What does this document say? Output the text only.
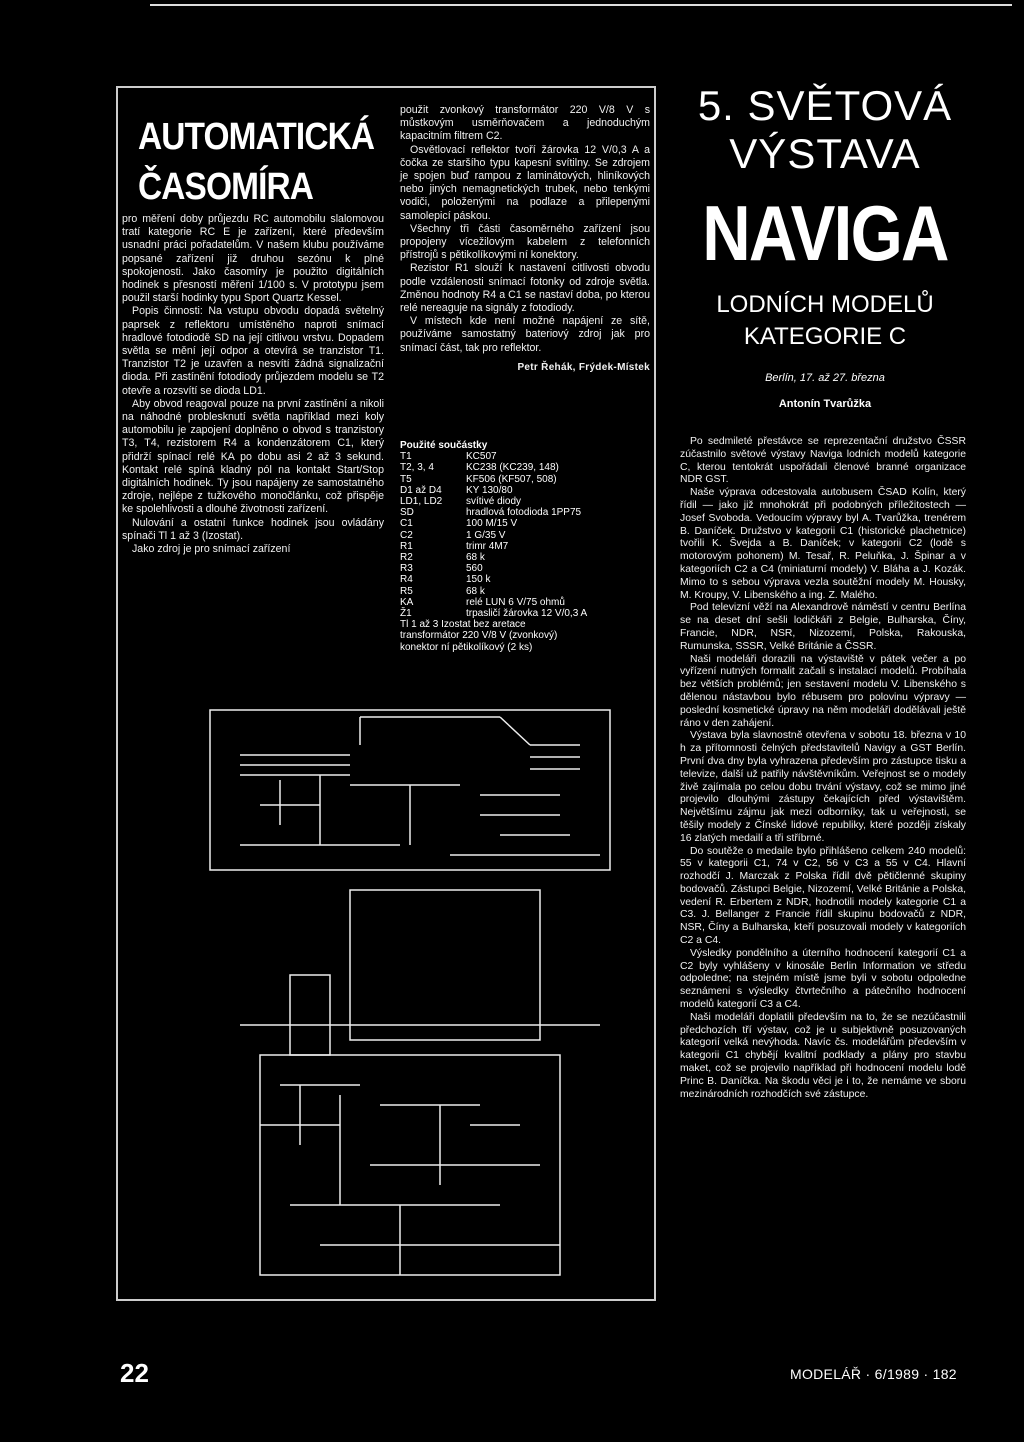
AUTOMATICKÁ
ČASOMÍRA

pro měření doby průjezdu RC automobilu slalomovou tratí kategorie RC E je zařízení, které především usnadní práci pořadatelům. V našem klubu používáme popsané zařízení již druhou sezónu k plné spokojenosti. Jako časomíry je použito digitálních hodinek s přesností měření 1/100 s. V prototypu jsem použil starší hodinky typu Sport Quartz Kessel.

Popis činnosti: Na vstupu obvodu dopadá světelný paprsek z reflektoru umístěného naproti snímací hradlové fotodiodě SD na její citlivou vrstvu. Dopadem světla se mění její odpor a otevírá se tranzistor T1. Tranzistor T2 je uzavřen a nesvítí žádná signalizační dioda. Při zastínění fotodiody průjezdem modelu se T2 otevře a rozsvítí se dioda LD1.

Aby obvod reagoval pouze na první zastínění a nikoli na náhodné problesknutí světla například mezi koly automobilu je zapojení doplněno o obvod s tranzistory T3, T4, rezistorem R4 a kondenzátorem C1, který přidrží spínací relé KA po dobu asi 2 až 3 sekund. Kontakt relé spíná kladný pól na kontakt Start/Stop digitálních hodinek. Ty jsou napájeny ze samostatného zdroje, nejlépe z tužkového monočlánku, což přispěje ke spolehlivosti a dlouhé životnosti zařízení.

Nulování a ostatní funkce hodinek jsou ovládány spínači Tl 1 až 3 (Izostat).

Jako zdroj je pro snímací zařízení

použit zvonkový transformátor 220 V/8 V s můstkovým usměrňovačem a jednoduchým kapacitním filtrem C2.

Osvětlovací reflektor tvoří žárovka 12 V/0,3 A a čočka ze staršího typu kapesní svítilny. Se zdrojem je spojen buď rampou z laminátových, hliníkových nebo jiných nemagnetických trubek, nebo tenkými vodiči, položenými na podlaze a přilepenými samolepicí páskou.

Všechny tři části časoměrného zařízení jsou propojeny vícežilovým kabelem z telefonních přístrojů s pětikolíkovými ní konektory.

Rezistor R1 slouží k nastavení citlivosti obvodu podle vzdálenosti snímací fotonky od zdroje světla. Změnou hodnoty R4 a C1 se nastaví doba, po kterou relé nereaguje na signály z fotodiody.

V místech kde není možné napájení ze sítě, používáme samostatný bateriový zdroj jak pro snímací část, tak pro reflektor.

Petr Řehák, Frýdek-Místek
Použité součástky
T1	KC507
T2, 3, 4	KC238 (KC239, 148)
T5	KF506 (KF507, 508)
D1 až D4	KY 130/80
LD1, LD2	svítivé diody
SD	hradlová fotodioda 1PP75
C1	100 M/15 V
C2	1 G/35 V
R1	trimr 4M7
R2	68 k
R3	560
R4	150 k
R5	68 k
KA	relé LUN 6 V/75 ohmů
Ž1	trpasličí žárovka 12 V/0,3 A
Tl 1 až 3 Izostat bez aretace
transformátor 220 V/8 V (zvonkový)
konektor ní pětikolíkový (2 ks)
5. SVĚTOVÁ
VÝSTAVA
NAVIGA
LODNÍCH MODELŮ
KATEGORIE C
Berlín, 17. až 27. března
Antonín Tvarůžka

Po sedmileté přestávce se reprezentační družstvo ČSSR zúčastnilo světové výstavy Naviga lodních modelů kategorie C, kterou tentokrát uspořádali členové branné organizace NDR GST.

Naše výprava odcestovala autobusem ČSAD Kolín, který řídil — jako již mnohokrát při podobných příležitostech — Josef Svoboda. Vedoucím výpravy byl A. Tvarůžka, trenérem B. Daníček. Družstvo v kategorii C1 (historické plachetnice) tvořili K. Švejda a B. Daníček; v kategorii C2 (lodě s motorovým pohonem) M. Tesař, R. Peluňka, J. Špinar a v kategoriích C2 a C4 (miniaturní modely) V. Bláha a J. Kozák. Mimo to s sebou výprava vezla soutěžní modely M. Housky, M. Kroupy, V. Libenského a ing. Z. Malého.

Pod televizní věží na Alexandrově náměstí v centru Berlína se na deset dní sešli lodičkáři z Belgie, Bulharska, Číny, Francie, NDR, NSR, Nizozemí, Polska, Rakouska, Rumunska, SSSR, Velké Británie a ČSSR.

Naši modeláři dorazili na výstaviště v pátek večer a po vyřízení nutných formalit začali s instalací modelů. Probíhala bez větších problémů; jen sestavení modelu V. Libenského s dělenou nástavbou bylo rébusem pro polovinu výpravy — poslední kosmetické úpravy na něm modeláři dodělávali ještě ráno v den zahájení.

Výstava byla slavnostně otevřena v sobotu 18. března v 10 h za přítomnosti čelných představitelů Navigy a GST Berlín. První dva dny byla vyhrazena především pro zástupce tisku a televize, další už patřily návštěvníkům. Veřejnost se o modely živě zajímala po celou dobu trvání výstavy, což se mimo jiné projevilo dlouhými zástupy čekajících před výstavištěm. Největšímu zájmu jak mezi odborníky, tak u veřejnosti, se těšily modely z Čínské lidové republiky, které později získaly 16 zlatých medailí a tři stříbrné.

Do soutěže o medaile bylo přihlášeno celkem 240 modelů: 55 v kategorii C1, 74 v C2, 56 v C3 a 55 v C4. Hlavní rozhodčí J. Marczak z Polska řídil dvě pětičlenné skupiny bodovačů. Zástupci Belgie, Nizozemí, Velké Británie a Polska, vedení R. Erbertem z NDR, hodnotili modely kategorie C1 a C3. J. Bellanger z Francie řídil skupinu bodovačů z NDR, NSR, Číny a Bulharska, kteří posuzovali modely v kategoriích C2 a C4.

Výsledky pondělního a úterního hodnocení kategorií C1 a C2 byly vyhlášeny v kinosále Berlin Information ve středu odpoledne; na stejném místě jsme byli v sobotu odpoledne seznámeni s výsledky čtvrtečního a pátečního hodnocení modelů kategorií C3 a C4.

Naši modeláři doplatili především na to, že se nezúčastnili předchozích tří výstav, což je u subjektivně posuzovaných kategorií velká nevýhoda. Navíc čs. modelářům především v kategorii C1 chybějí kvalitní podklady a plány pro stavbu maket, což se projevilo například při hodnocení modelu lodě Princ B. Daníčka. Na škodu věci je i to, že nemáme ve sboru mezinárodních rozhodčích své zástupce.

22	MODELÁŘ · 6/1989 · 182
